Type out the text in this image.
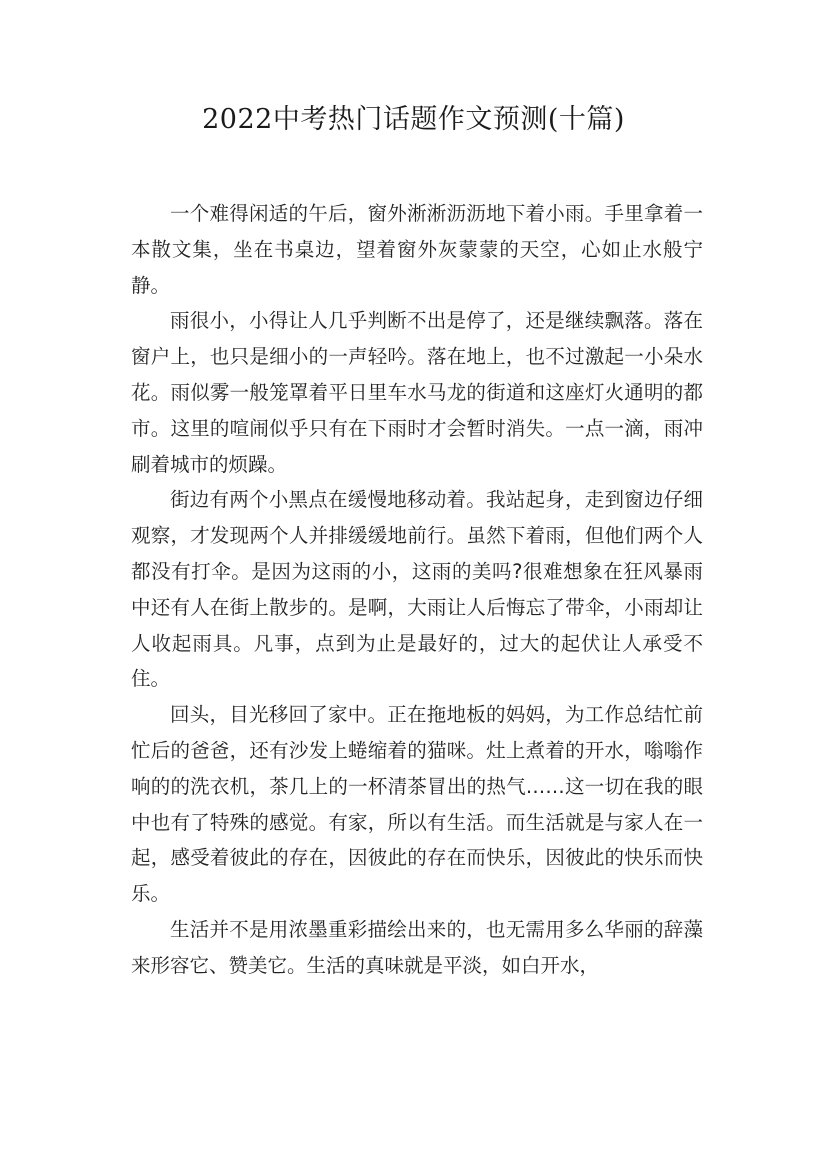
2022中考热门话题作文预测(十篇)

一个难得闲适的午后，窗外淅淅沥沥地下着小雨。手里拿着一本散文集，坐在书桌边，望着窗外灰蒙蒙的天空，心如止水般宁静。

雨很小，小得让人几乎判断不出是停了，还是继续飘落。落在窗户上，也只是细小的一声轻吟。落在地上，也不过激起一小朵水花。雨似雾一般笼罩着平日里车水马龙的街道和这座灯火通明的都市。这里的喧闹似乎只有在下雨时才会暂时消失。一点一滴，雨冲刷着城市的烦躁。

街边有两个小黑点在缓慢地移动着。我站起身，走到窗边仔细观察，才发现两个人并排缓缓地前行。虽然下着雨，但他们两个人都没有打伞。是因为这雨的小，这雨的美吗?很难想象在狂风暴雨中还有人在街上散步的。是啊，大雨让人后悔忘了带伞，小雨却让人收起雨具。凡事，点到为止是最好的，过大的起伏让人承受不住。

回头，目光移回了家中。正在拖地板的妈妈，为工作总结忙前忙后的爸爸，还有沙发上蜷缩着的猫咪。灶上煮着的开水，嗡嗡作响的的洗衣机，茶几上的一杯清茶冒出的热气……这一切在我的眼中也有了特殊的感觉。有家，所以有生活。而生活就是与家人在一起，感受着彼此的存在，因彼此的存在而快乐，因彼此的快乐而快乐。

生活并不是用浓墨重彩描绘出来的，也无需用多么华丽的辞藻来形容它、赞美它。生活的真味就是平淡，如白开水，
